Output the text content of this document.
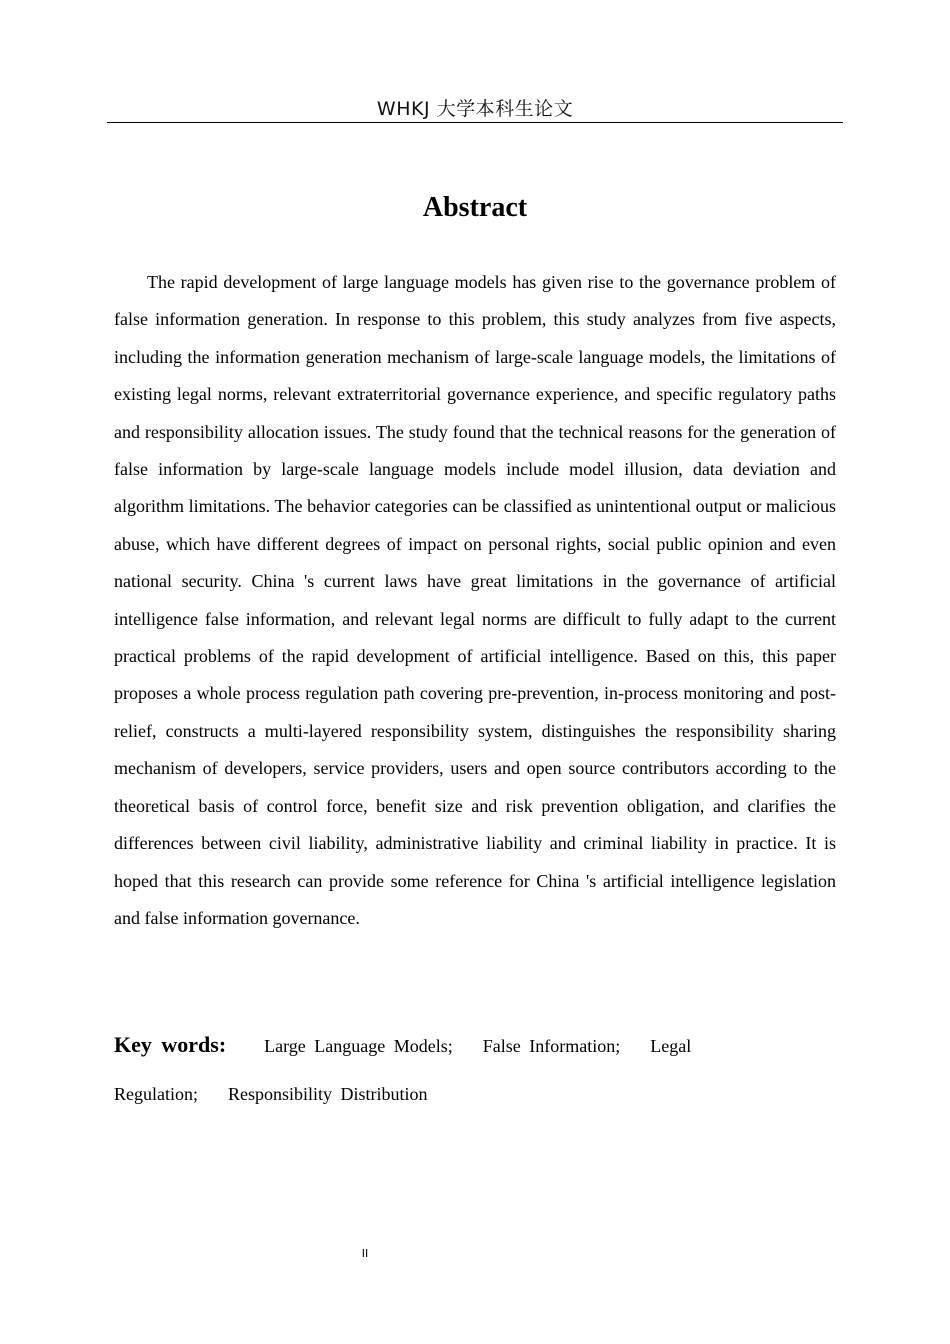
WHKJ 大学本科生论文
Abstract

The rapid development of large language models has given rise to the governance problem of false information generation. In response to this problem, this study analyzes from five aspects, including the information generation mechanism of large-scale language models, the limitations of existing legal norms, relevant extraterritorial governance experience, and specific regulatory paths and responsibility allocation issues. The study found that the technical reasons for the generation of false information by large-scale language models include model illusion, data deviation and algorithm limitations. The behavior categories can be classified as unintentional output or malicious abuse, which have different degrees of impact on personal rights, social public opinion and even national security. China 's current laws have great limitations in the governance of artificial intelligence false information, and relevant legal norms are difficult to fully adapt to the current practical problems of the rapid development of artificial intelligence. Based on this, this paper proposes a whole process regulation path covering pre-prevention, in-process monitoring and post-relief, constructs a multi-layered responsibility system, distinguishes the responsibility sharing mechanism of developers, service providers, users and open source contributors according to the theoretical basis of control force, benefit size and risk prevention obligation, and clarifies the differences between civil liability, administrative liability and criminal liability in practice. It is hoped that this research can provide some reference for China 's artificial intelligence legislation and false information governance.

Key words: Large Language Models; False Information; Legal Regulation; Responsibility Distribution

II
